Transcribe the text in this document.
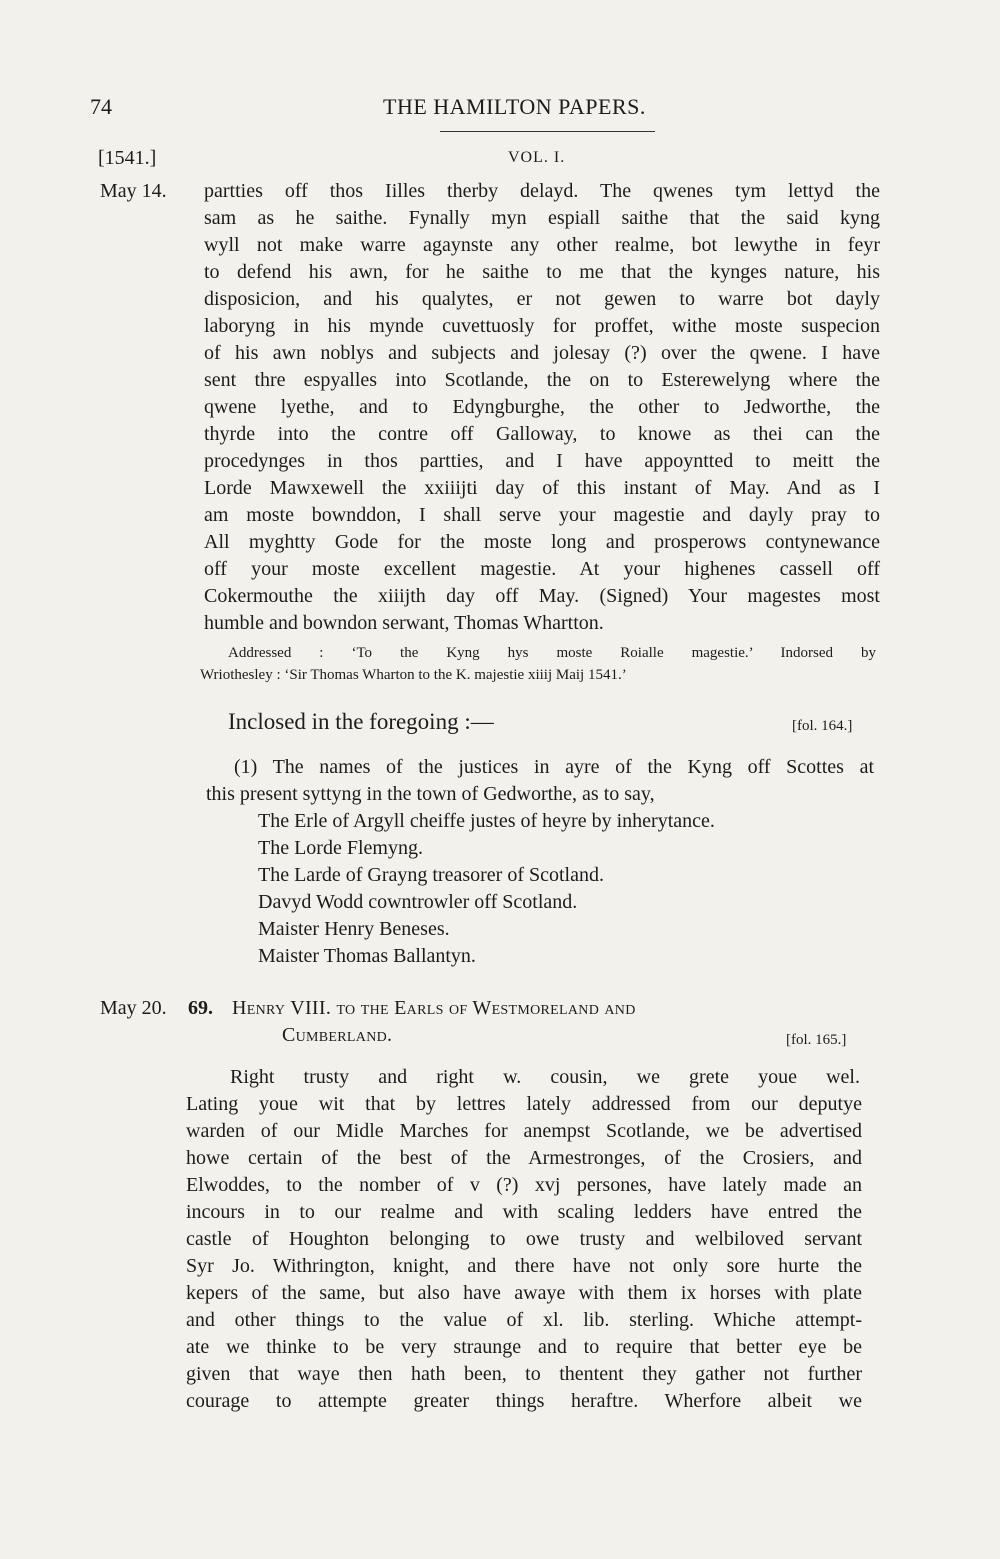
74	THE HAMILTON PAPERS.
[1541.]	VOL. I.
May 14. partties off thos Iilles therby delayd. The qwenes tym lettyd the
sam as he saithe. Fynally myn espiall saithe that the said kyng
wyll not make warre agaynste any other realme, bot lewythe in feyr
to defend his awn, for he saithe to me that the kynges nature, his
disposicion, and his qualytes, er not gewen to warre bot dayly
laboryng in his mynde cuvettuosly for proffet, withe moste suspecion
of his awn noblys and subjects and jolesay (?) over the qwene. I have
sent thre espyalles into Scotlande, the on to Esterewelyng where the
qwene lyethe, and to Edyngburghe, the other to Jedworthe, the
thyrde into the contre off Galloway, to knowe as thei can the
procedynges in thos partties, and I have appoyntted to meitt the
Lorde Mawxewell the xxiiijti day of this instant of May. And as I
am moste bownddon, I shall serve your magestie and dayly pray to
All myghtty Gode for the moste long and prosperows contynewance
off your moste excellent magestie. At your highenes cassell off
Cokermouthe the xiiijth day off May. (Signed) Your magestes most
humble and bowndon serwant, Thomas Whartton.
Addressed : ‘To the Kyng hys moste Roialle magestie.’ Indorsed by
Wriothesley : ‘Sir Thomas Wharton to the K. majestie xiiij Maij 1541.’
Inclosed in the foregoing :—	[fol. 164.]
(1) The names of the justices in ayre of the Kyng off Scottes at
this present syttyng in the town of Gedworthe, as to say,
The Erle of Argyll cheiffe justes of heyre by inherytance.
The Lorde Flemyng.
The Larde of Grayng treasorer of Scotland.
Davyd Wodd cowntrowler off Scotland.
Maister Henry Beneses.
Maister Thomas Ballantyn.
May 20. 69. Henry VIII. to the Earls of Westmoreland and
Cumberland.	[fol. 165.]
Right trusty and right w. cousin, we grete youe wel.
Lating youe wit that by lettres lately addressed from our deputye
warden of our Midle Marches for anempst Scotlande, we be advertised
howe certain of the best of the Armestronges, of the Crosiers, and
Elwoddes, to the nomber of v (?) xvj persones, have lately made an
incours in to our realme and with scaling ledders have entred the
castle of Houghton belonging to owe trusty and welbiloved servant
Syr Jo. Withrington, knight, and there have not only sore hurte the
kepers of the same, but also have awaye with them ix horses with plate
and other things to the value of xl. lib. sterling. Whiche attempt-
ate we thinke to be very straunge and to require that better eye be
given that waye then hath been, to thentent they gather not further
courage to attempte greater things heraftre. Wherfore albeit we
